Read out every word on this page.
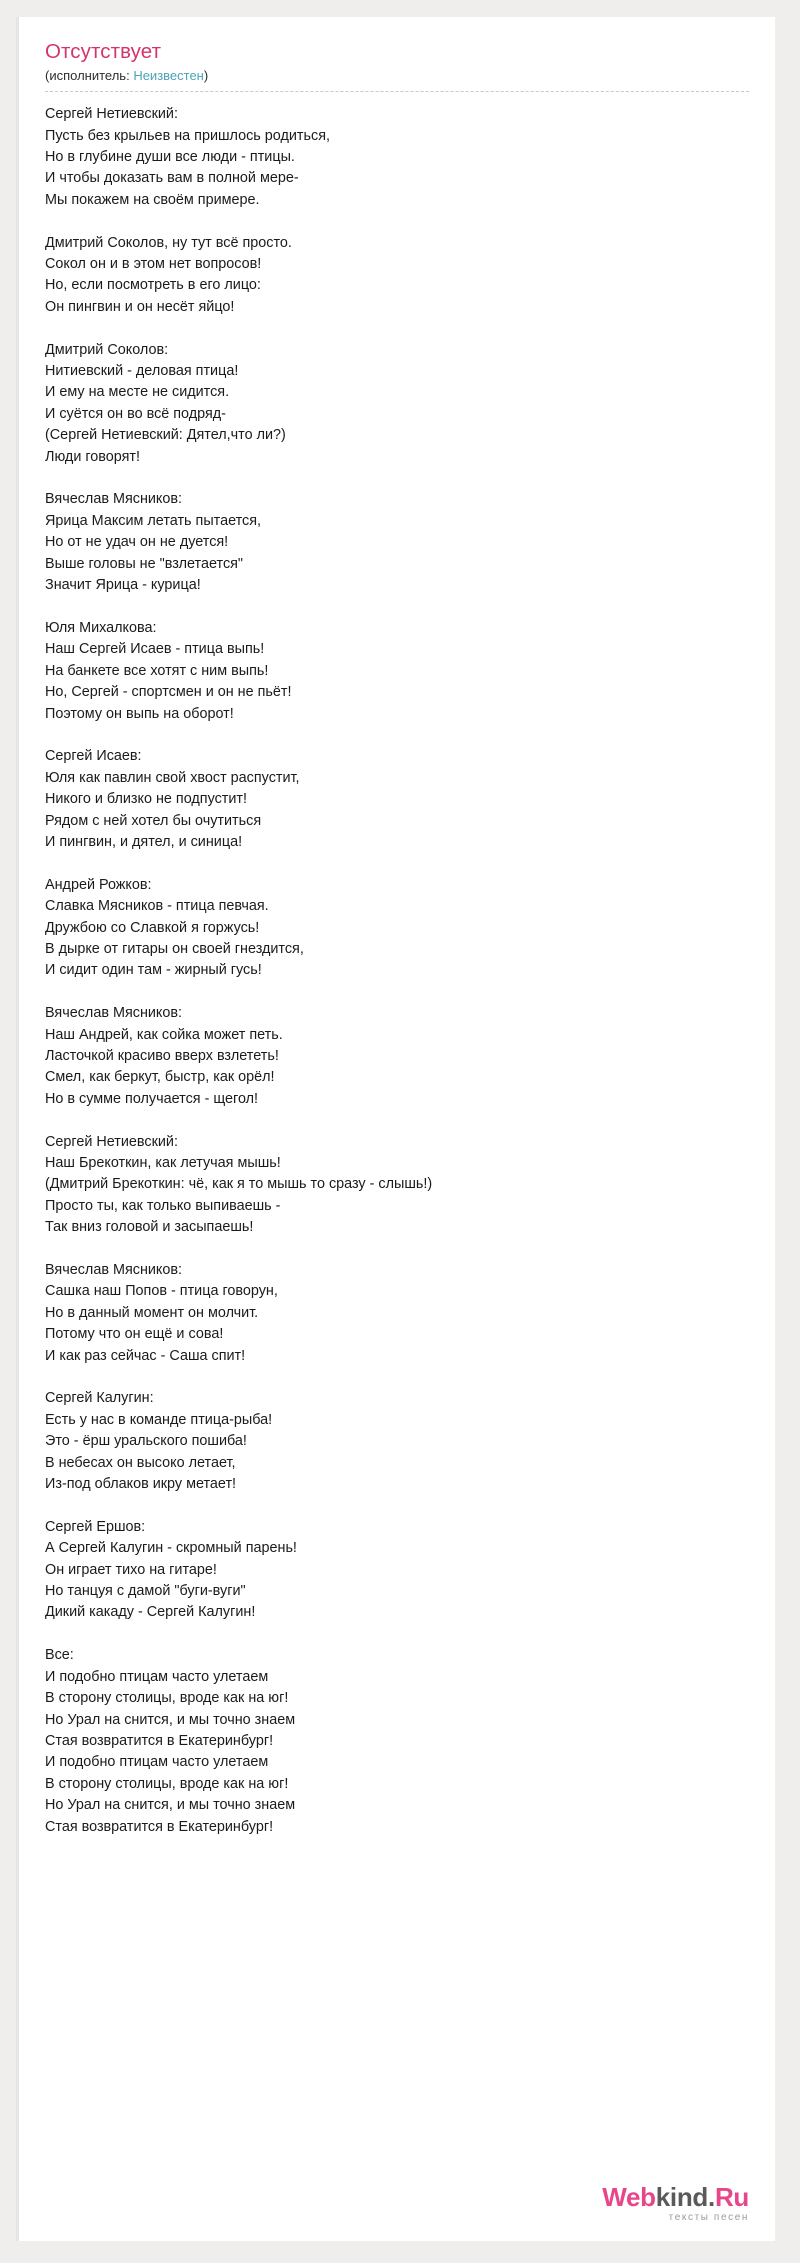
Отсутствует

(исполнитель: Неизвестен)

Сергей Нетиевский:
Пусть без крыльев на пришлось родиться,
Но в глубине души все люди - птицы.
И чтобы доказать вам в полной мере-
Мы покажем на своём примере.
Дмитрий Соколов, ну тут всё просто.
Сокол он и в этом нет вопросов!
Но, если посмотреть в его лицо:
Он пингвин и он несёт яйцо!
Дмитрий Соколов:
Нитиевский - деловая птица!
И ему на месте не сидится.
И суётся он во всё подряд-
(Сергей Нетиевский: Дятел,что ли?)
Люди говорят!
Вячеслав Мясников:
Ярица Максим летать пытается,
Но от не удач он не дуется!
Выше головы не "взлетается"
Значит Ярица - курица!
Юля Михалкова:
Наш Сергей Исаев - птица выпь!
На банкете все хотят с ним выпь!
Но, Сергей - спортсмен и он не пьёт!
Поэтому он выпь на оборот!
Сергей Исаев:
Юля как павлин свой хвост распустит,
Никого и близко не подпустит!
Рядом с ней хотел бы очутиться
И пингвин, и дятел, и синица!
Андрей Рожков:
Славка Мясников - птица певчая.
Дружбою со Славкой я горжусь!
В дырке от гитары он своей гнездится,
И сидит один там - жирный гусь!
Вячеслав Мясников:
Наш Андрей, как сойка может петь.
Ласточкой красиво вверх взлететь!
Смел, как беркут, быстр, как орёл!
Но в сумме получается - щегол!
Сергей Нетиевский:
Наш Брекоткин, как летучая мышь!
(Дмитрий Брекоткин: чё, как я то мышь то сразу - слышь!)
Просто ты, как только выпиваешь -
Так вниз головой и засыпаешь!
Вячеслав Мясников:
Сашка наш Попов - птица говорун,
Но в данный момент он молчит.
Потому что он ещё и сова!
И как раз сейчас - Саша спит!
Сергей Калугин:
Есть у нас в команде птица-рыба!
Это - ёрш уральского пошиба!
В небесах он высоко летает,
Из-под облаков икру метает!
Сергей Ершов:
А Сергей Калугин - скромный парень!
Он играет тихо на гитаре!
Но танцуя с дамой "буги-вуги"
Дикий какаду - Сергей Калугин!
Все:
И подобно птицам часто улетаем
В сторону столицы, вроде как на юг!
Но Урал на снится, и мы точно знаем
Стая возвратится в Екатеринбург!
И подобно птицам часто улетаем
В сторону столицы, вроде как на юг!
Но Урал на снится, и мы точно знаем
Стая возвратится в Екатеринбург!
Webkind.Ru
тексты песен
